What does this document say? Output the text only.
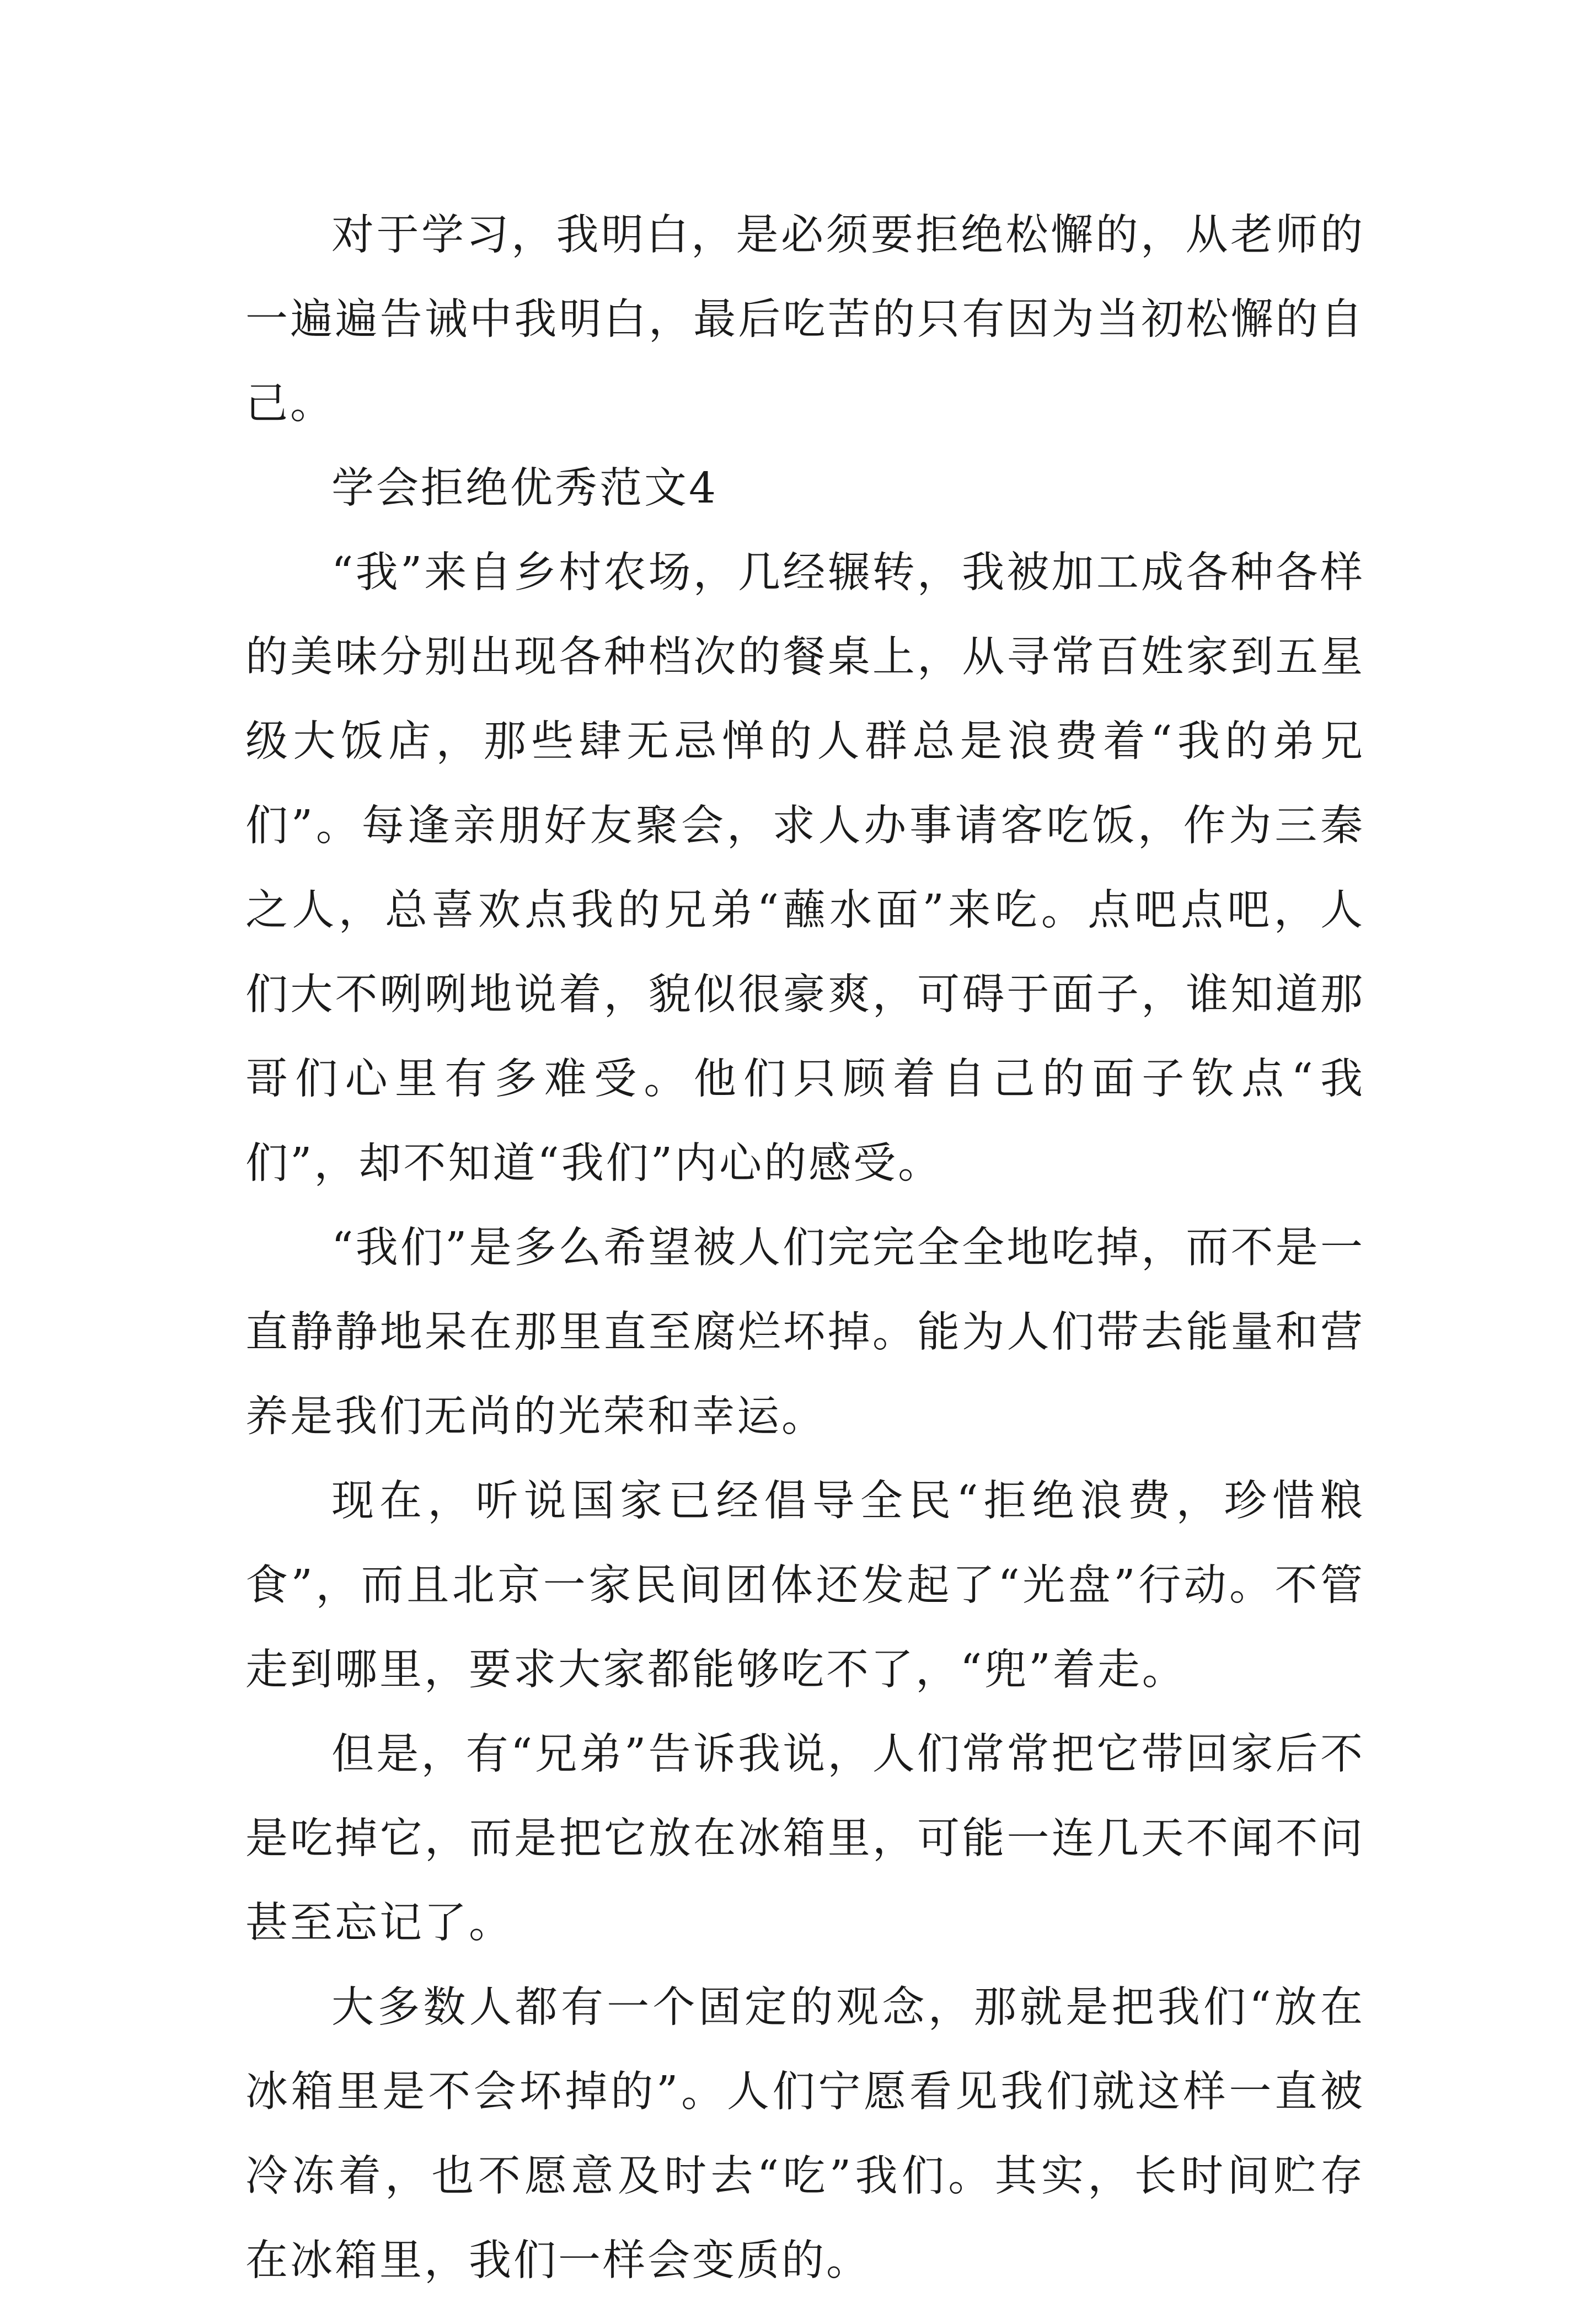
对于学习，我明白，是必须要拒绝松懈的，从老师的一遍遍告诫中我明白，最后吃苦的只有因为当初松懈的自己。

学会拒绝优秀范文4

“我”来自乡村农场，几经辗转，我被加工成各种各样的美味分别出现各种档次的餐桌上，从寻常百姓家到五星级大饭店，那些肆无忌惮的人群总是浪费着“我的弟兄们”。每逢亲朋好友聚会，求人办事请客吃饭，作为三秦之人，总喜欢点我的兄弟“蘸水面”来吃。点吧点吧，人们大不咧咧地说着，貌似很豪爽，可碍于面子，谁知道那哥们心里有多难受。他们只顾着自己的面子钦点“我们”，却不知道“我们”内心的感受。

“我们”是多么希望被人们完完全全地吃掉，而不是一直静静地呆在那里直至腐烂坏掉。能为人们带去能量和营养是我们无尚的光荣和幸运。

现在，听说国家已经倡导全民“拒绝浪费，珍惜粮食”，而且北京一家民间团体还发起了“光盘”行动。不管走到哪里，要求大家都能够吃不了，“兜”着走。

但是，有“兄弟”告诉我说，人们常常把它带回家后不是吃掉它，而是把它放在冰箱里，可能一连几天不闻不问甚至忘记了。

大多数人都有一个固定的观念，那就是把我们“放在冰箱里是不会坏掉的”。人们宁愿看见我们就这样一直被冷冻着，也不愿意及时去“吃”我们。其实，长时间贮存在冰箱里，我们一样会变质的。
